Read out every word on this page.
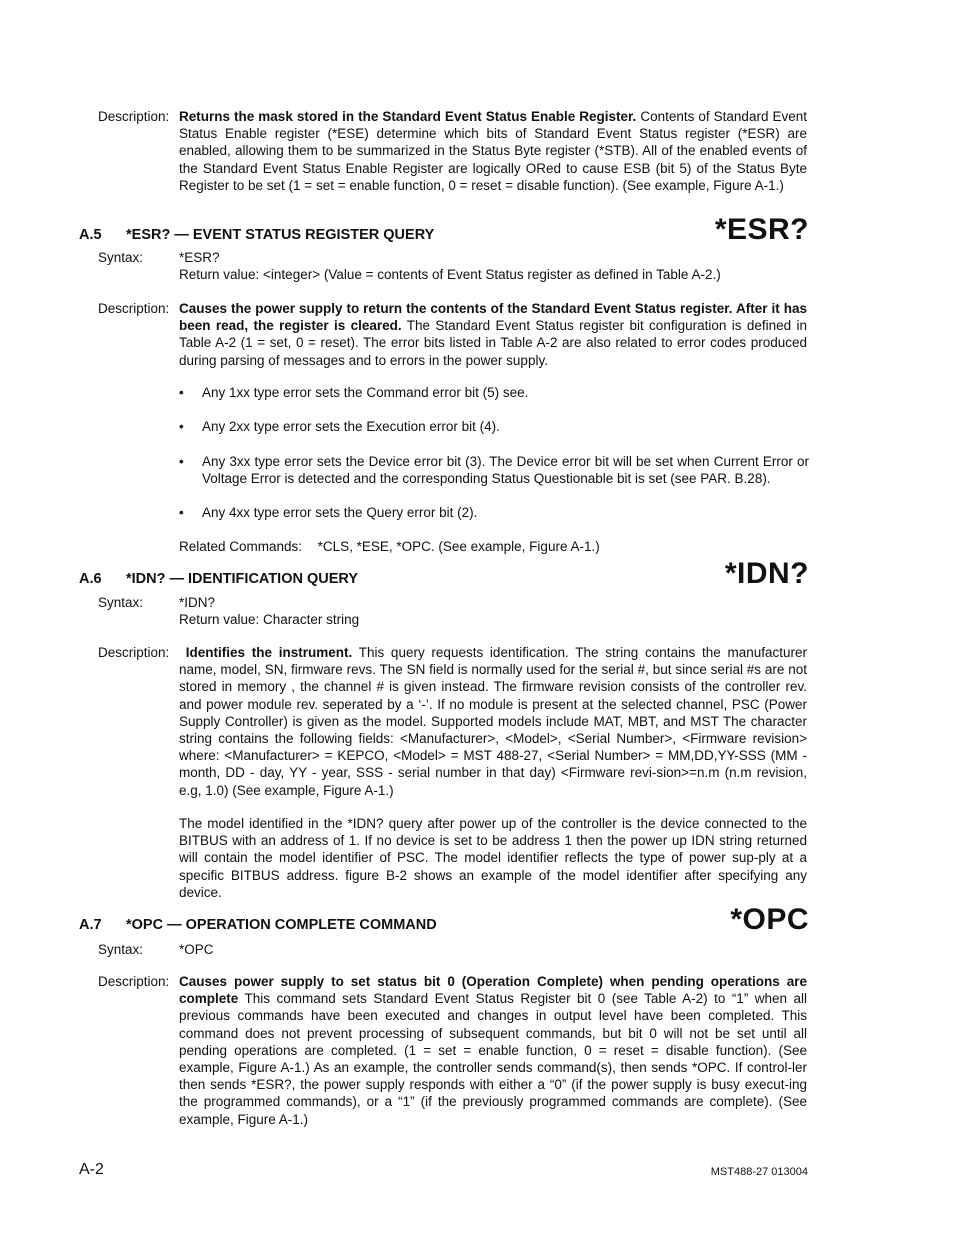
Description: Returns the mask stored in the Standard Event Status Enable Register. Contents of Standard Event Status Enable register (*ESE) determine which bits of Standard Event Status register (*ESR) are enabled, allowing them to be summarized in the Status Byte register (*STB). All of the enabled events of the Standard Event Status Enable Register are logically ORed to cause ESB (bit 5) of the Status Byte Register to be set (1 = set = enable function, 0 = reset = disable function). (See example, Figure A-1.)

A.5 *ESR? — EVENT STATUS REGISTER QUERY	*ESR?
Syntax:	*ESR?

Return value: <integer> (Value = contents of Event Status register as defined in Table A-2.)

Description: Causes the power supply to return the contents of the Standard Event Status register. After it has been read, the register is cleared. The Standard Event Status register bit configuration is defined in Table A-2 (1 = set, 0 = reset). The error bits listed in Table A-2 are also related to error codes produced during parsing of messages and to errors in the power supply.

• Any 1xx type error sets the Command error bit (5) see.
• Any 2xx type error sets the Execution error bit (4).
• Any 3xx type error sets the Device error bit (3). The Device error bit will be set when Current Error or Voltage Error is detected and the corresponding Status Questionable bit is set (see PAR. B.28).
• Any 4xx type error sets the Query error bit (2).
Related Commands: *CLS, *ESE, *OPC. (See example, Figure A-1.)
A.6 *IDN? — IDENTIFICATION QUERY	*IDN?
Syntax:	*IDN?

Return value: Character string

Description:	Identifies the instrument. This query requests identification. The string contains the manufacturer name, model, SN, firmware revs. The SN field is normally used for the serial #, but since serial #s are not stored in memory , the channel # is given instead. The firmware revision consists of the controller rev. and power module rev. seperated by a ‘-’. If no module is present at the selected channel, PSC (Power Supply Controller) is given as the model. Supported models include MAT, MBT, and MST The character string contains the following fields: <Manufacturer>, <Model>, <Serial Number>, <Firmware revision> where: <Manufacturer> = KEPCO, <Model> = MST 488-27, <Serial Number> = MM,DD,YY-SSS (MM - month, DD - day, YY - year, SSS - serial number in that day) <Firmware revi-sion>=n.m (n.m revision, e.g, 1.0) (See example, Figure A-1.)

The model identified in the *IDN? query after power up of the controller is the device connected to the BITBUS with an address of 1. If no device is set to be address 1 then the power up IDN string returned will contain the model identifier of PSC. The model identifier reflects the type of power sup-ply at a specific BITBUS address. figure B-2 shows an example of the model identifier after specifying any device.

A.7 *OPC — OPERATION COMPLETE COMMAND	*OPC
Syntax:	*OPC

Description: Causes power supply to set status bit 0 (Operation Complete) when pending operations are complete This command sets Standard Event Status Register bit 0 (see Table A-2) to “1” when all previous commands have been executed and changes in output level have been completed. This command does not prevent processing of subsequent commands, but bit 0 will not be set until all pending operations are completed. (1 = set = enable function, 0 = reset = disable function). (See example, Figure A-1.) As an example, the controller sends command(s), then sends *OPC. If control-ler then sends *ESR?, the power supply responds with either a “0” (if the power supply is busy execut-ing the programmed commands), or a “1” (if the previously programmed commands are complete). (See example, Figure A-1.)

A-2	MST488-27 013004
